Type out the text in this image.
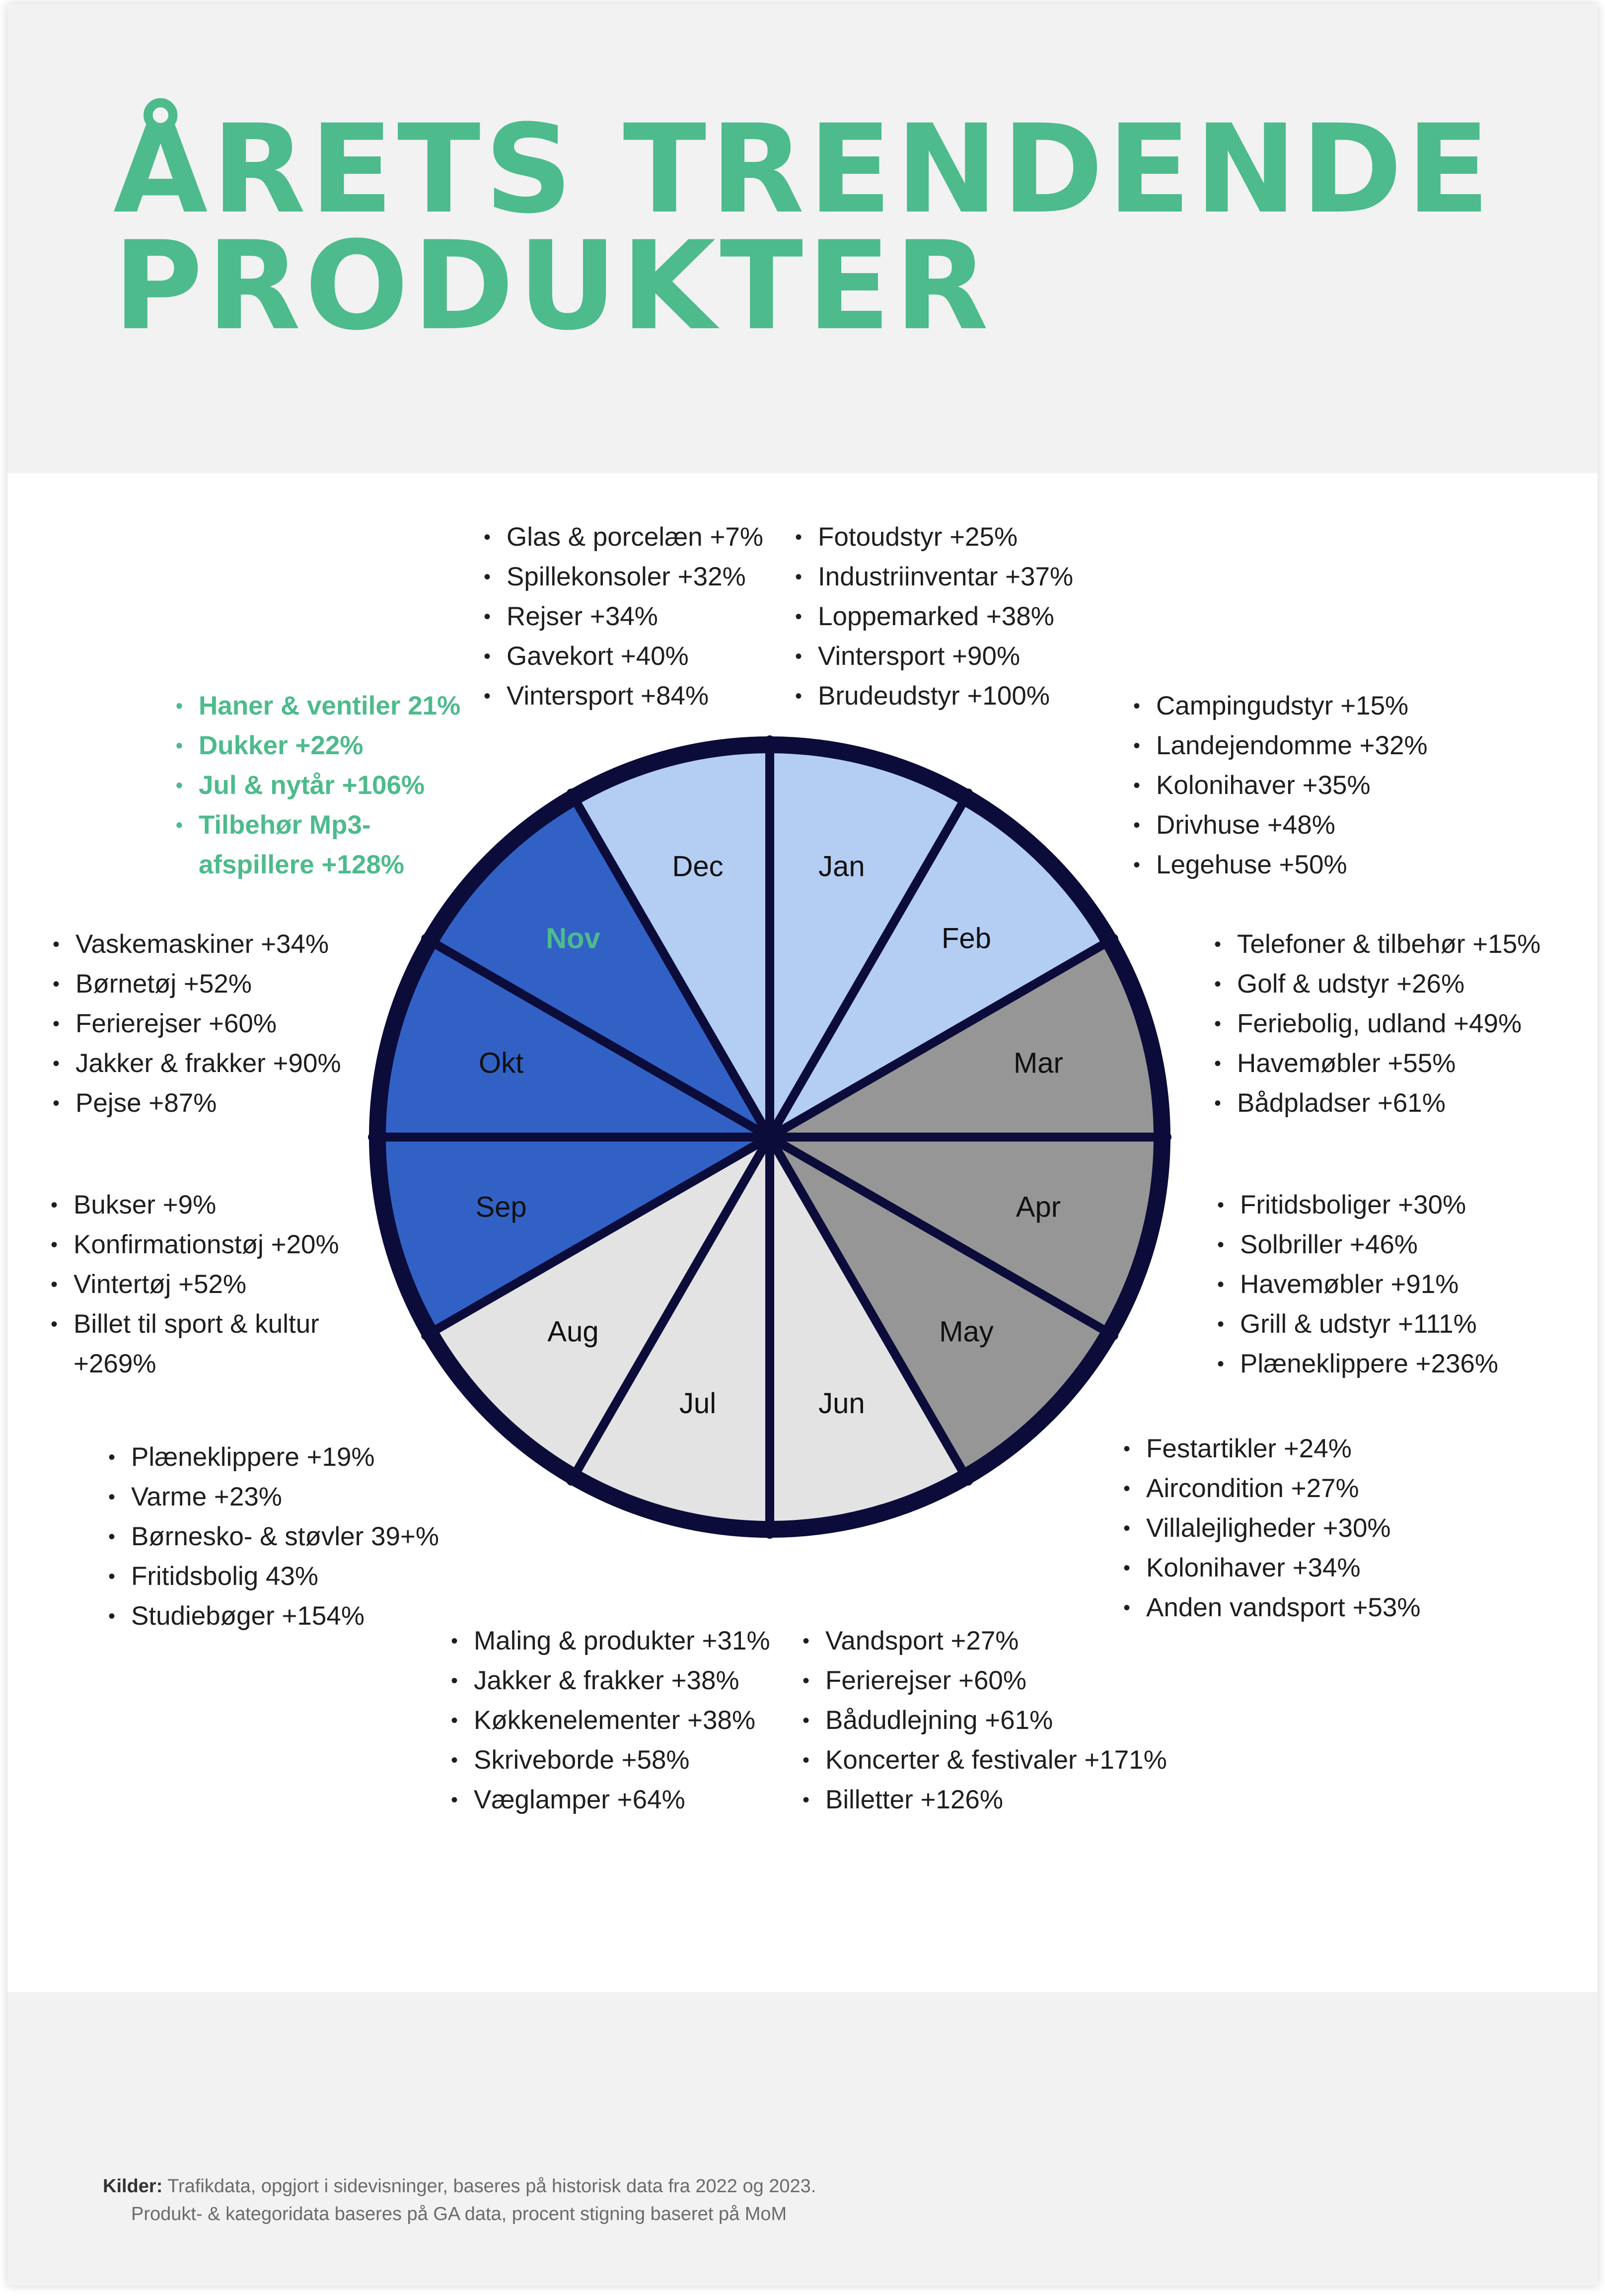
ÅRETS TRENDENDE
PRODUKTER
Jan
Feb
Mar
Apr
May
Jun
Jul
Aug
Sep
Okt
Nov
Dec
• Glas & porcelæn +7%
• Spillekonsoler +32%
• Rejser +34%
• Gavekort +40%
• Vintersport +84%
• Fotoudstyr +25%
• Industriinventar +37%
• Loppemarked +38%
• Vintersport +90%
• Brudeudstyr +100%
• Haner & ventiler 21%
• Dukker +22%
• Jul & nytår +106%
• Tilbehør Mp3-
afspillere +128%
• Campingudstyr +15%
• Landejendomme +32%
• Kolonihaver +35%
• Drivhuse +48%
• Legehuse +50%
• Vaskemaskiner +34%
• Børnetøj +52%
• Ferierejser +60%
• Jakker & frakker +90%
• Pejse +87%
• Telefoner & tilbehør +15%
• Golf & udstyr +26%
• Feriebolig, udland +49%
• Havemøbler +55%
• Bådpladser +61%
• Bukser +9%
• Konfirmationstøj +20%
• Vintertøj +52%
• Billet til sport & kultur
+269%
• Fritidsboliger +30%
• Solbriller +46%
• Havemøbler +91%
• Grill & udstyr +111%
• Plæneklippere +236%
• Plæneklippere +19%
• Varme +23%
• Børnesko- & støvler 39+%
• Fritidsbolig 43%
• Studiebøger +154%
• Festartikler +24%
• Aircondition +27%
• Villalejligheder +30%
• Kolonihaver +34%
• Anden vandsport +53%
• Maling & produkter +31%
• Jakker & frakker +38%
• Køkkenelementer +38%
• Skriveborde +58%
• Væglamper +64%
• Vandsport +27%
• Ferierejser +60%
• Bådudlejning +61%
• Koncerter & festivaler +171%
• Billetter +126%
Kilder: Trafikdata, opgjort i sidevisninger, baseres på historisk data fra 2022 og 2023.
Produkt- & kategoridata baseres på GA data, procent stigning baseret på MoM
